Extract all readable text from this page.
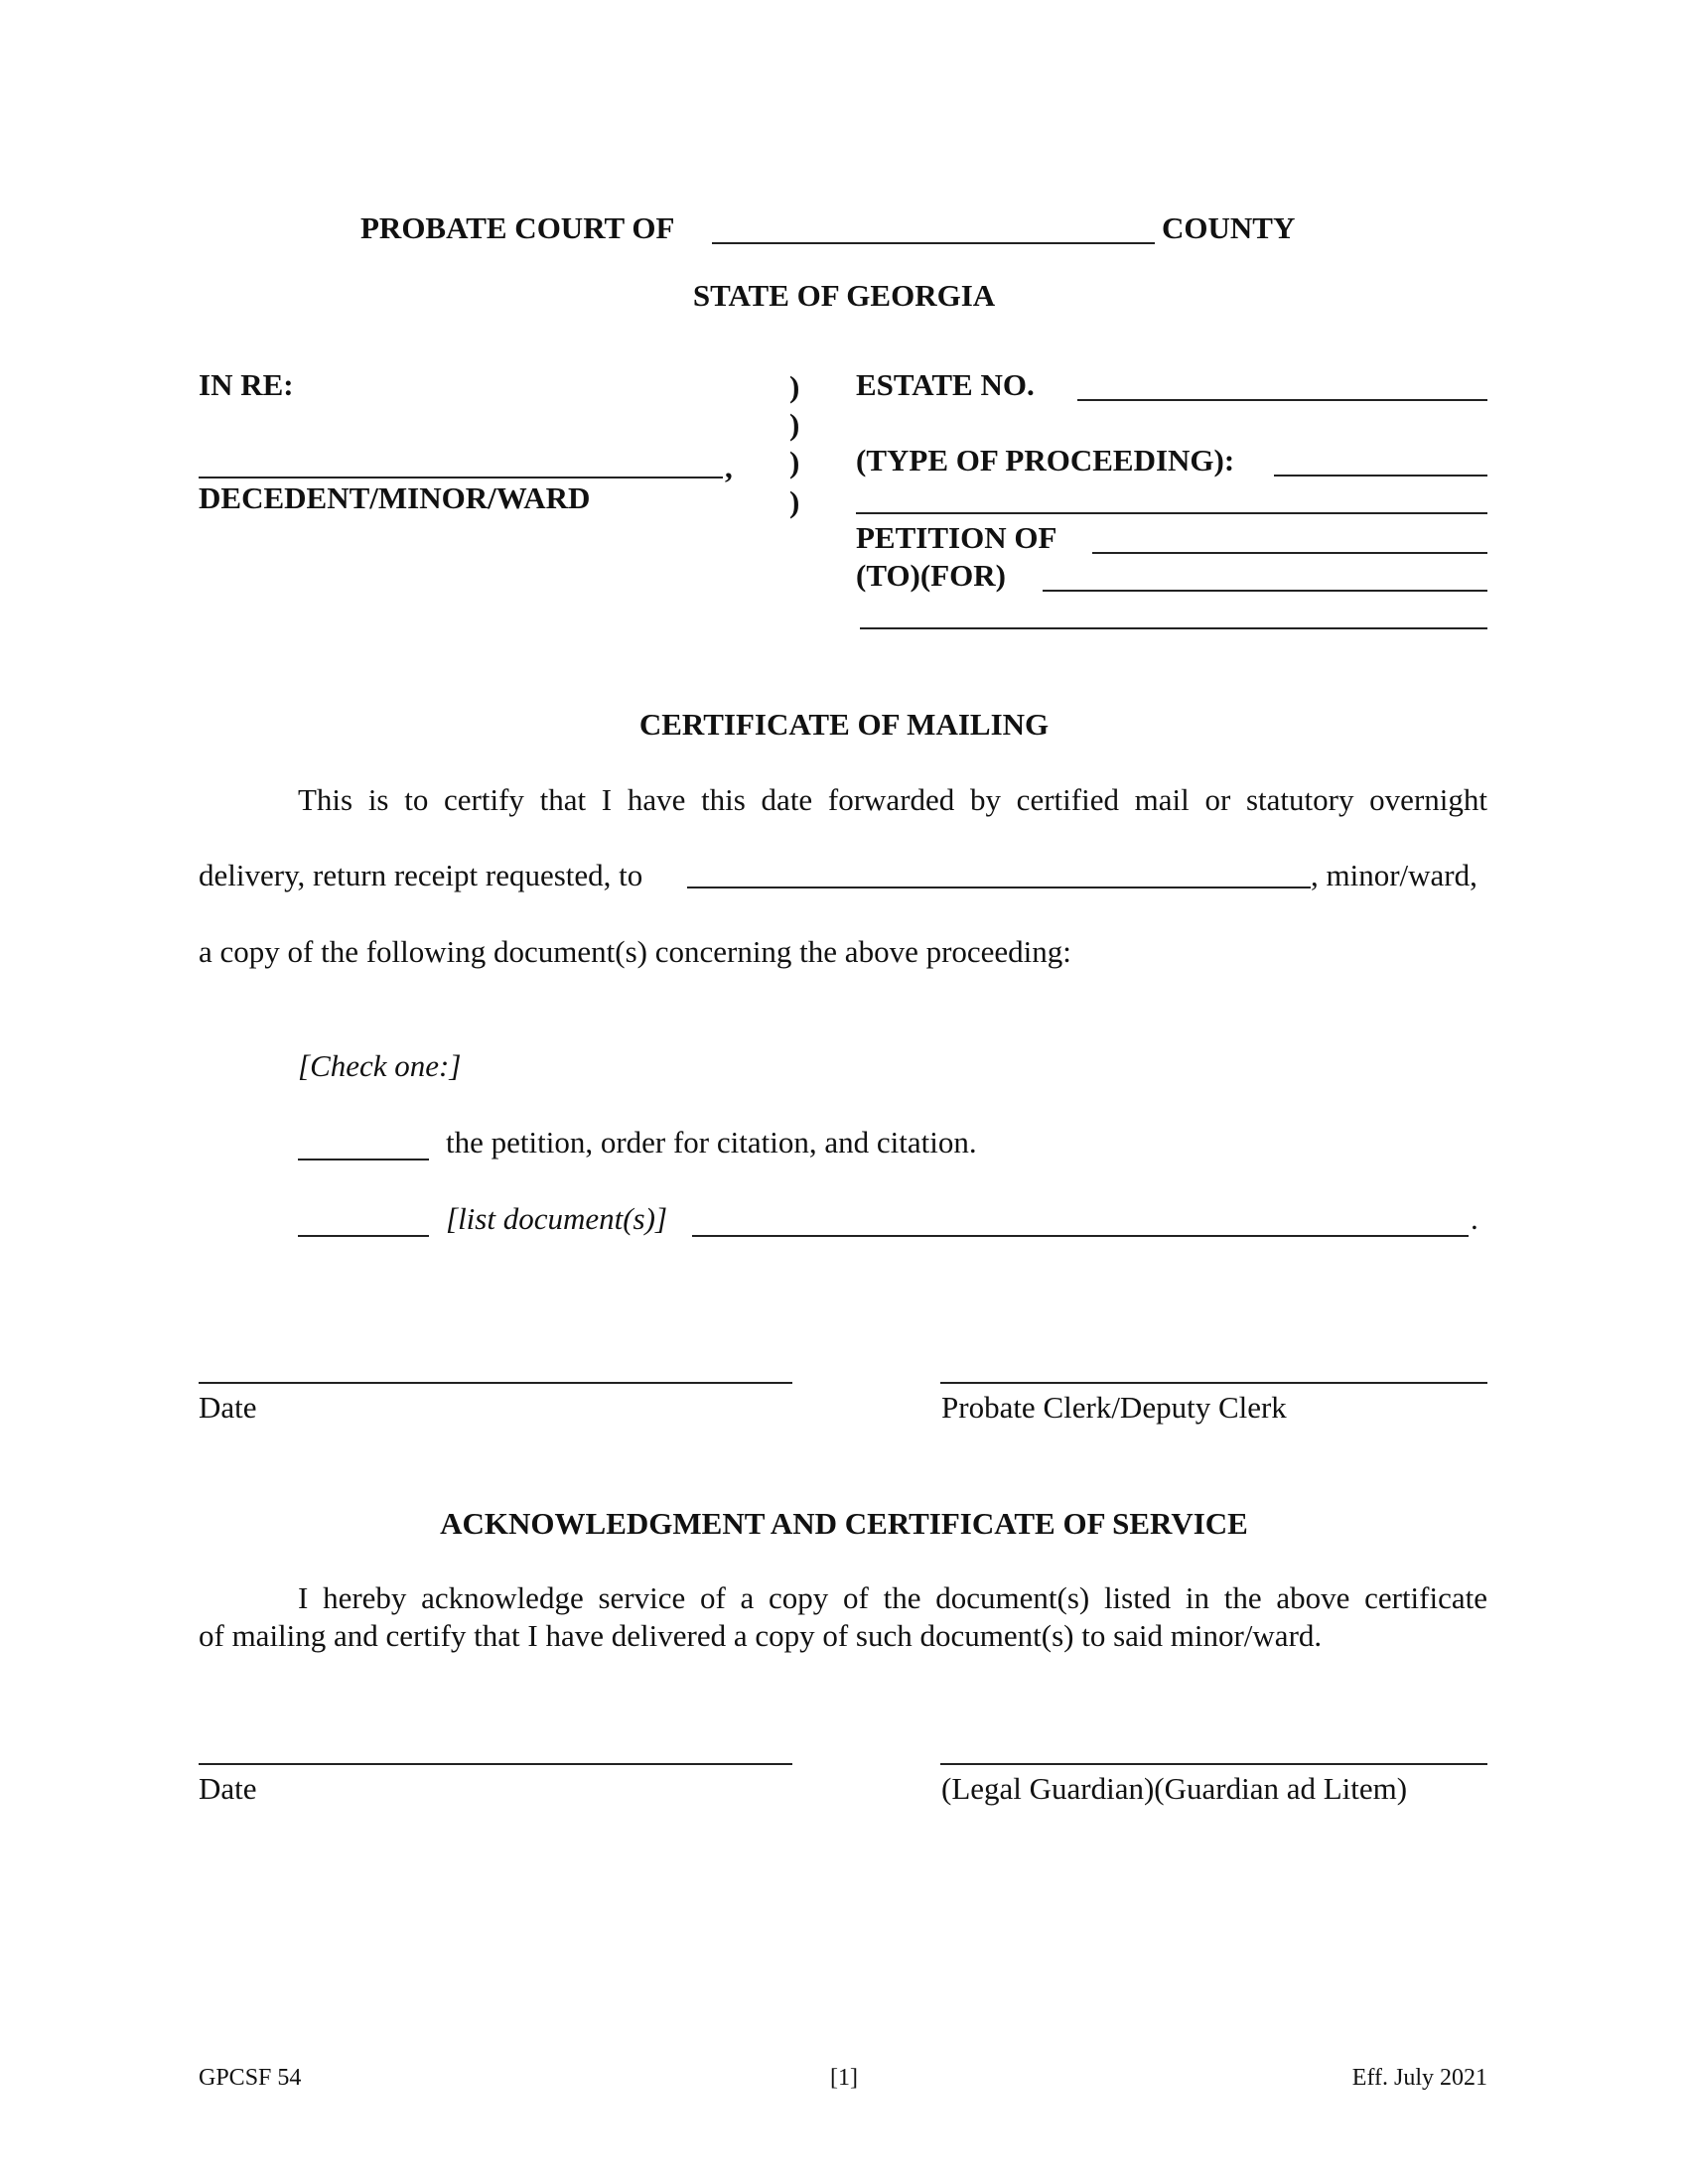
PROBATE COURT OF	COUNTY
STATE OF GEORGIA
IN RE:
,
DECEDENT/MINOR/WARD
)
)
)
)
ESTATE NO.
(TYPE OF PROCEEDING):
PETITION OF
(TO)(FOR)
CERTIFICATE OF MAILING
This is to certify that I have this date forwarded by certified mail or statutory overnight
delivery, return receipt requested, to	, minor/ward,
a copy of the following document(s) concerning the above proceeding:
[Check one:]
the petition, order for citation, and citation.
[list document(s)]	.
Date	Probate Clerk/Deputy Clerk
ACKNOWLEDGMENT AND CERTIFICATE OF SERVICE
I hereby acknowledge service of a copy of the document(s) listed in the above certificate
of mailing and certify that I have delivered a copy of such document(s) to said minor/ward.
Date	(Legal Guardian)(Guardian ad Litem)
GPCSF 54	[1]	Eff. July 2021
